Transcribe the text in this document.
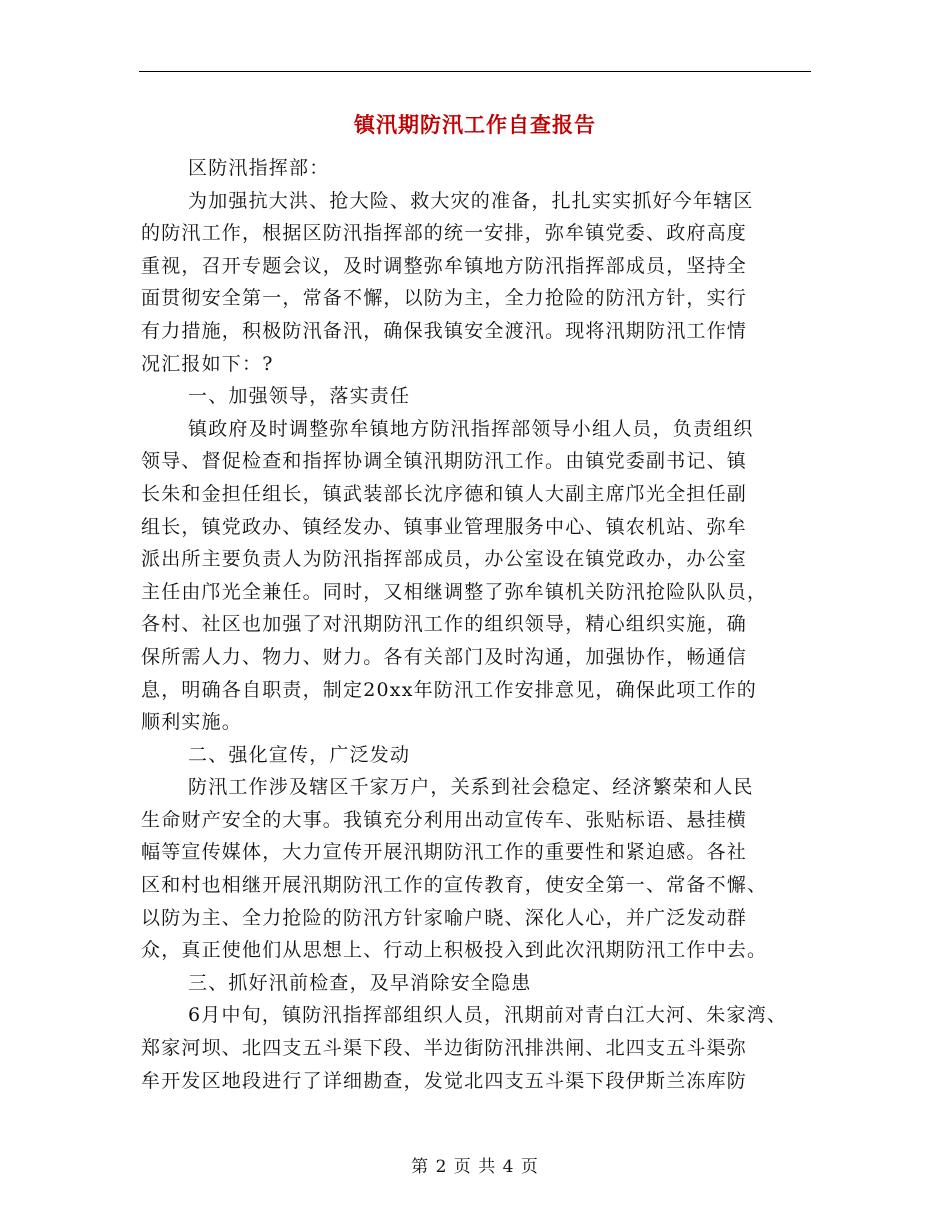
镇汛期防汛工作自查报告
区防汛指挥部：
为加强抗大洪、抢大险、救大灾的准备，扎扎实实抓好今年辖区
的防汛工作，根据区防汛指挥部的统一安排，弥牟镇党委、政府高度
重视，召开专题会议，及时调整弥牟镇地方防汛指挥部成员，坚持全
面贯彻安全第一，常备不懈，以防为主，全力抢险的防汛方针，实行
有力措施，积极防汛备汛，确保我镇安全渡汛。现将汛期防汛工作情
况汇报如下：?
一、加强领导，落实责任
镇政府及时调整弥牟镇地方防汛指挥部领导小组人员，负责组织
领导、督促检查和指挥协调全镇汛期防汛工作。由镇党委副书记、镇
长朱和金担任组长，镇武装部长沈序德和镇人大副主席邝光全担任副
组长，镇党政办、镇经发办、镇事业管理服务中心、镇农机站、弥牟
派出所主要负责人为防汛指挥部成员，办公室设在镇党政办，办公室
主任由邝光全兼任。同时，又相继调整了弥牟镇机关防汛抢险队队员，
各村、社区也加强了对汛期防汛工作的组织领导，精心组织实施，确
保所需人力、物力、财力。各有关部门及时沟通，加强协作，畅通信
息，明确各自职责，制定20xx年防汛工作安排意见，确保此项工作的
顺利实施。
二、强化宣传，广泛发动
防汛工作涉及辖区千家万户，关系到社会稳定、经济繁荣和人民
生命财产安全的大事。我镇充分利用出动宣传车、张贴标语、悬挂横
幅等宣传媒体，大力宣传开展汛期防汛工作的重要性和紧迫感。各社
区和村也相继开展汛期防汛工作的宣传教育，使安全第一、常备不懈、
以防为主、全力抢险的防汛方针家喻户晓、深化人心，并广泛发动群
众，真正使他们从思想上、行动上积极投入到此次汛期防汛工作中去。
三、抓好汛前检查，及早消除安全隐患
6月中旬，镇防汛指挥部组织人员，汛期前对青白江大河、朱家湾、
郑家河坝、北四支五斗渠下段、半边街防汛排洪闸、北四支五斗渠弥
牟开发区地段进行了详细勘查，发觉北四支五斗渠下段伊斯兰冻库防
第 2 页 共 4 页
